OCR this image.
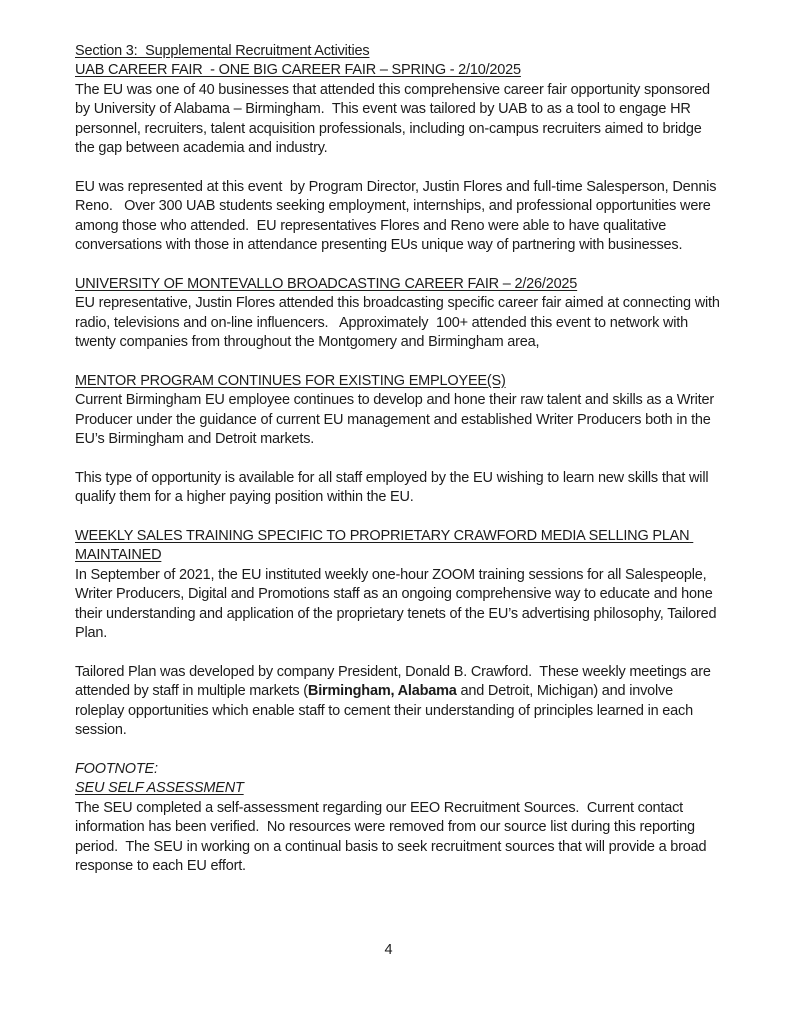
Section 3:  Supplemental Recruitment Activities
UAB CAREER FAIR  - ONE BIG CAREER FAIR – SPRING - 2/10/2025

The EU was one of 40 businesses that attended this comprehensive career fair opportunity sponsored by University of Alabama – Birmingham.  This event was tailored by UAB to as a tool to engage HR personnel, recruiters, talent acquisition professionals, including on-campus recruiters aimed to bridge the gap between academia and industry.

EU was represented at this event  by Program Director, Justin Flores and full-time Salesperson, Dennis Reno.   Over 300 UAB students seeking employment, internships, and professional opportunities were among those who attended.  EU representatives Flores and Reno were able to have qualitative conversations with those in attendance presenting EUs unique way of partnering with businesses.

UNIVERSITY OF MONTEVALLO BROADCASTING CAREER FAIR – 2/26/2025

EU representative, Justin Flores attended this broadcasting specific career fair aimed at connecting with radio, televisions and on-line influencers.   Approximately  100+ attended this event to network with twenty companies from throughout the Montgomery and Birmingham area,

MENTOR PROGRAM CONTINUES FOR EXISTING EMPLOYEE(S)

Current Birmingham EU employee continues to develop and hone their raw talent and skills as a Writer Producer under the guidance of current EU management and established Writer Producers both in the EU’s Birmingham and Detroit markets.

This type of opportunity is available for all staff employed by the EU wishing to learn new skills that will qualify them for a higher paying position within the EU.

WEEKLY SALES TRAINING SPECIFIC TO PROPRIETARY CRAWFORD MEDIA SELLING PLAN MAINTAINED

In September of 2021, the EU instituted weekly one-hour ZOOM training sessions for all Salespeople, Writer Producers, Digital and Promotions staff as an ongoing comprehensive way to educate and hone their understanding and application of the proprietary tenets of the EU’s advertising philosophy, Tailored Plan.

Tailored Plan was developed by company President, Donald B. Crawford.  These weekly meetings are attended by staff in multiple markets (Birmingham, Alabama and Detroit, Michigan) and involve roleplay opportunities which enable staff to cement their understanding of principles learned in each session.

FOOTNOTE:

SEU SELF ASSESSMENT

The SEU completed a self-assessment regarding our EEO Recruitment Sources.  Current contact information has been verified.  No resources were removed from our source list during this reporting period.  The SEU in working on a continual basis to seek recruitment sources that will provide a broad response to each EU effort.

4
